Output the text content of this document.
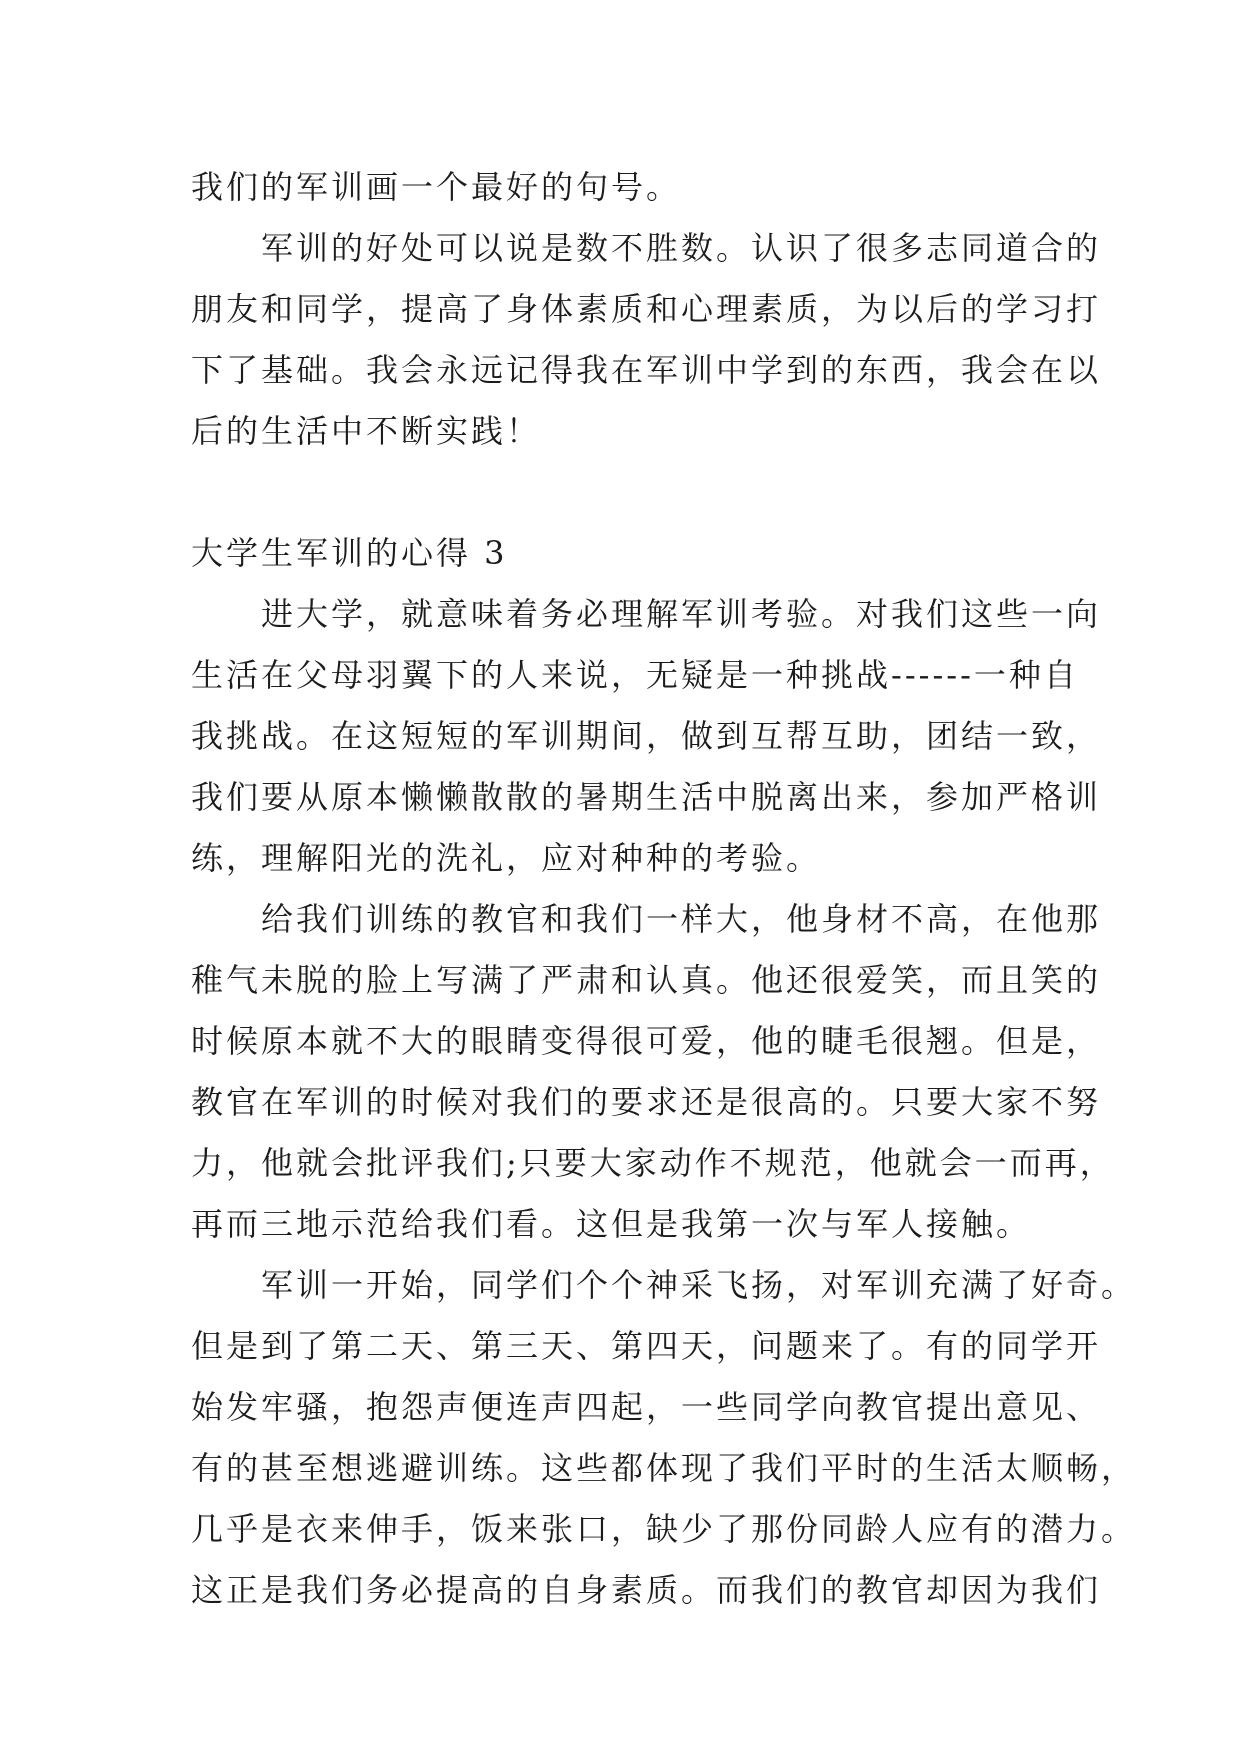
我们的军训画一个最好的句号。
军训的好处可以说是数不胜数。认识了很多志同道合的
朋友和同学，提高了身体素质和心理素质，为以后的学习打
下了基础。我会永远记得我在军训中学到的东西，我会在以
后的生活中不断实践！
大学生军训的心得 3
进大学，就意味着务必理解军训考验。对我们这些一向
生活在父母羽翼下的人来说，无疑是一种挑战------一种自
我挑战。在这短短的军训期间，做到互帮互助，团结一致，
我们要从原本懒懒散散的暑期生活中脱离出来，参加严格训
练，理解阳光的洗礼，应对种种的考验。
给我们训练的教官和我们一样大，他身材不高，在他那
稚气未脱的脸上写满了严肃和认真。他还很爱笑，而且笑的
时候原本就不大的眼睛变得很可爱，他的睫毛很翘。但是，
教官在军训的时候对我们的要求还是很高的。只要大家不努
力，他就会批评我们;只要大家动作不规范，他就会一而再，
再而三地示范给我们看。这但是我第一次与军人接触。
军训一开始，同学们个个神采飞扬，对军训充满了好奇。
但是到了第二天、第三天、第四天，问题来了。有的同学开
始发牢骚，抱怨声便连声四起，一些同学向教官提出意见、
有的甚至想逃避训练。这些都体现了我们平时的生活太顺畅，
几乎是衣来伸手，饭来张口，缺少了那份同龄人应有的潜力。
这正是我们务必提高的自身素质。而我们的教官却因为我们
